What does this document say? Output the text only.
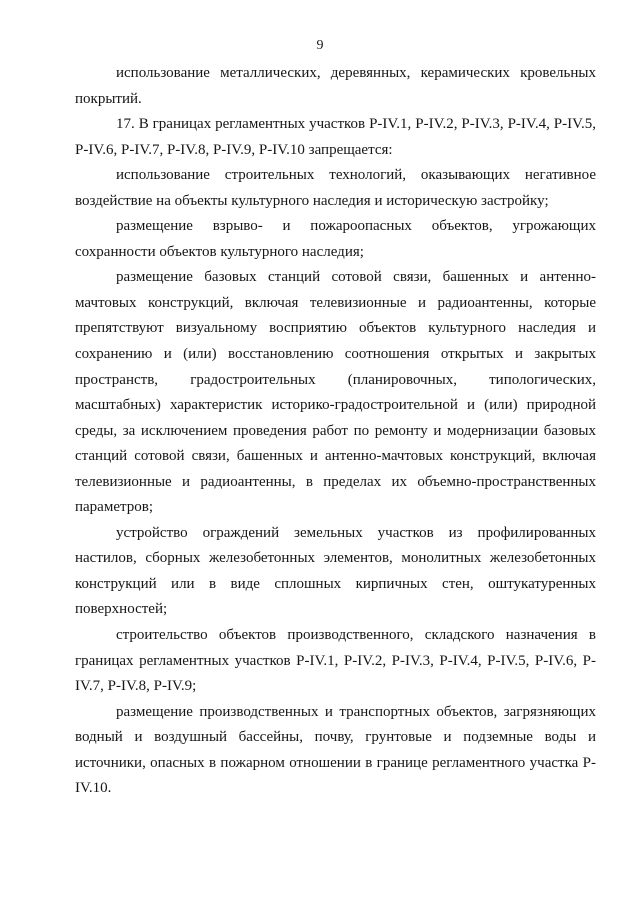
9

использование металлических, деревянных, керамических кровельных покрытий.

17. В границах регламентных участков Р-IV.1, Р-IV.2, Р-IV.3, Р-IV.4, Р-IV.5, Р-IV.6, Р-IV.7, Р-IV.8, Р-IV.9, Р-IV.10 запрещается:

использование строительных технологий, оказывающих негативное воздействие на объекты культурного наследия и историческую застройку;

размещение взрыво- и пожароопасных объектов, угрожающих сохранности объектов культурного наследия;

размещение базовых станций сотовой связи, башенных и антенно-мачтовых конструкций, включая телевизионные и радиоантенны, которые препятствуют визуальному восприятию объектов культурного наследия и сохранению и (или) восстановлению соотношения открытых и закрытых пространств, градостроительных (планировочных, типологических, масштабных) характеристик историко-градостроительной и (или) природной среды, за исключением проведения работ по ремонту и модернизации базовых станций сотовой связи, башенных и антенно-мачтовых конструкций, включая телевизионные и радиоантенны, в пределах их объемно-пространственных параметров;

устройство ограждений земельных участков из профилированных настилов, сборных железобетонных элементов, монолитных железобетонных конструкций или в виде сплошных кирпичных стен, оштукатуренных поверхностей;

строительство объектов производственного, складского назначения в границах регламентных участков Р-IV.1, Р-IV.2, Р-IV.3, Р-IV.4, Р-IV.5, Р-IV.6, Р-IV.7, Р-IV.8, Р-IV.9;

размещение производственных и транспортных объектов, загрязняющих водный и воздушный бассейны, почву, грунтовые и подземные воды и источники, опасных в пожарном отношении в границе регламентного участка Р-IV.10.
